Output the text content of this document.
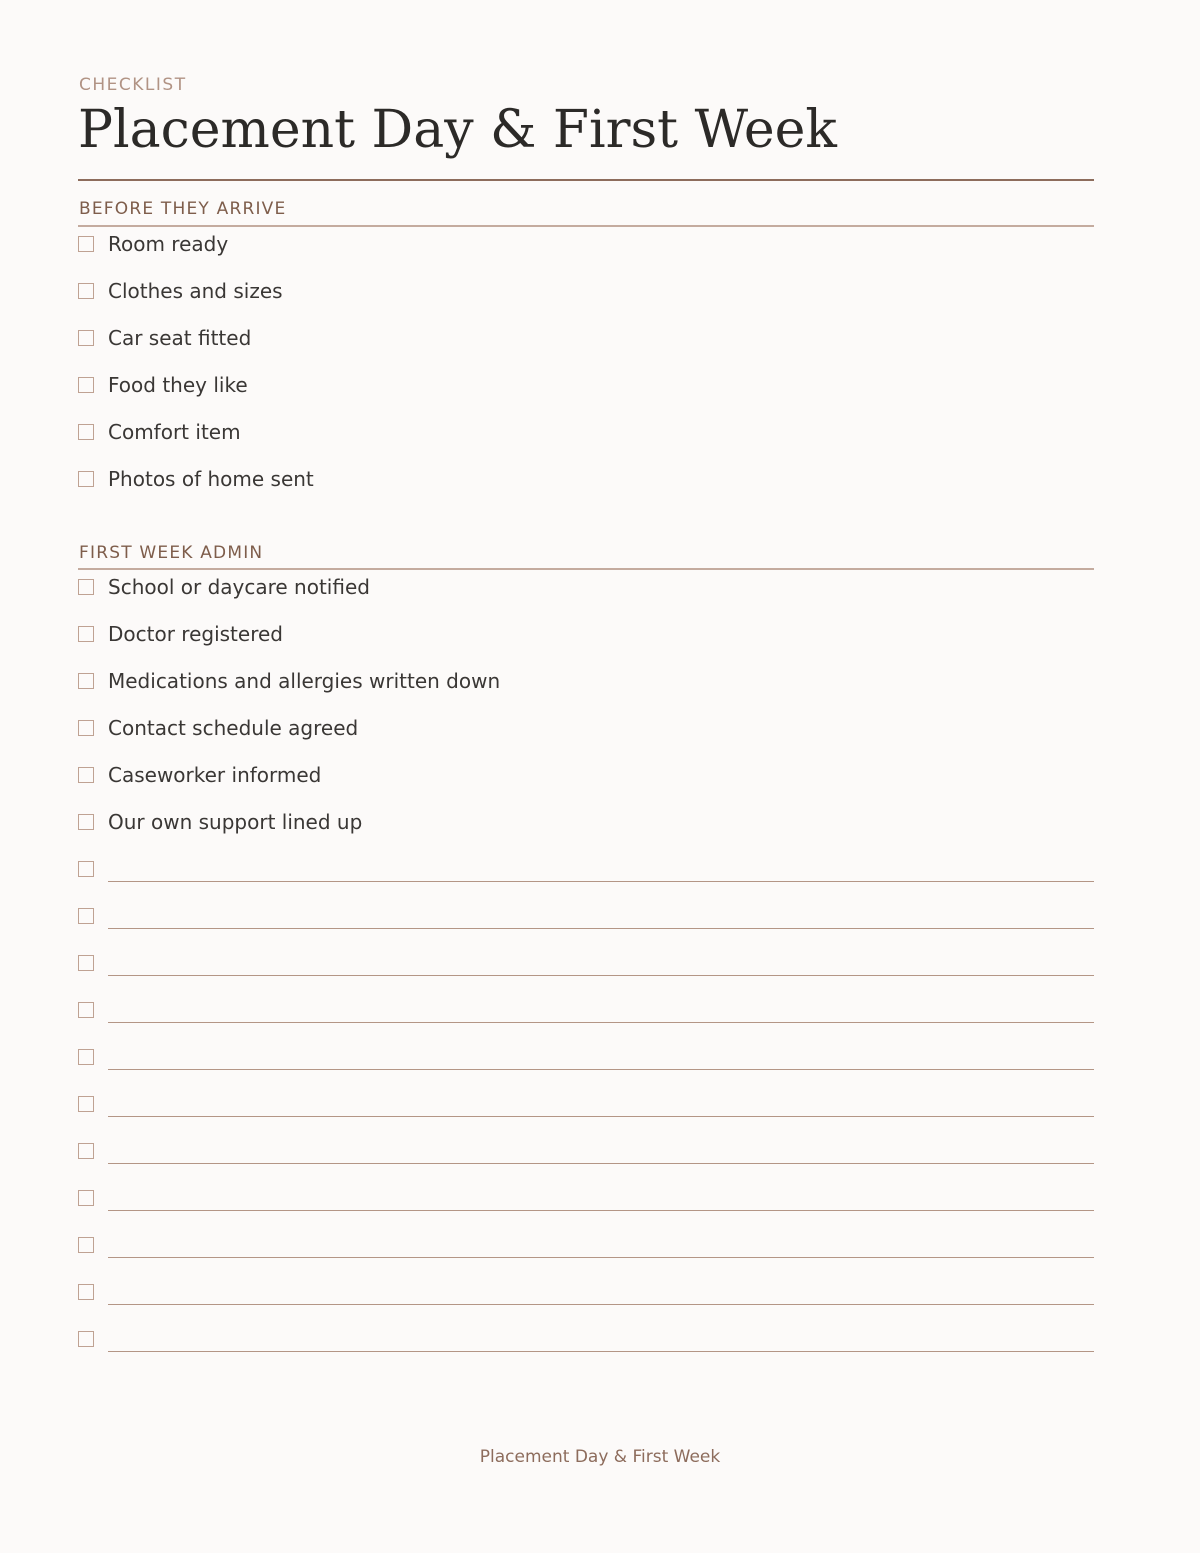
CHECKLIST
Placement Day & First Week
BEFORE THEY ARRIVE
Room ready
Clothes and sizes
Car seat fitted
Food they like
Comfort item
Photos of home sent
FIRST WEEK ADMIN
School or daycare notified
Doctor registered
Medications and allergies written down
Contact schedule agreed
Caseworker informed
Our own support lined up
Placement Day & First Week
